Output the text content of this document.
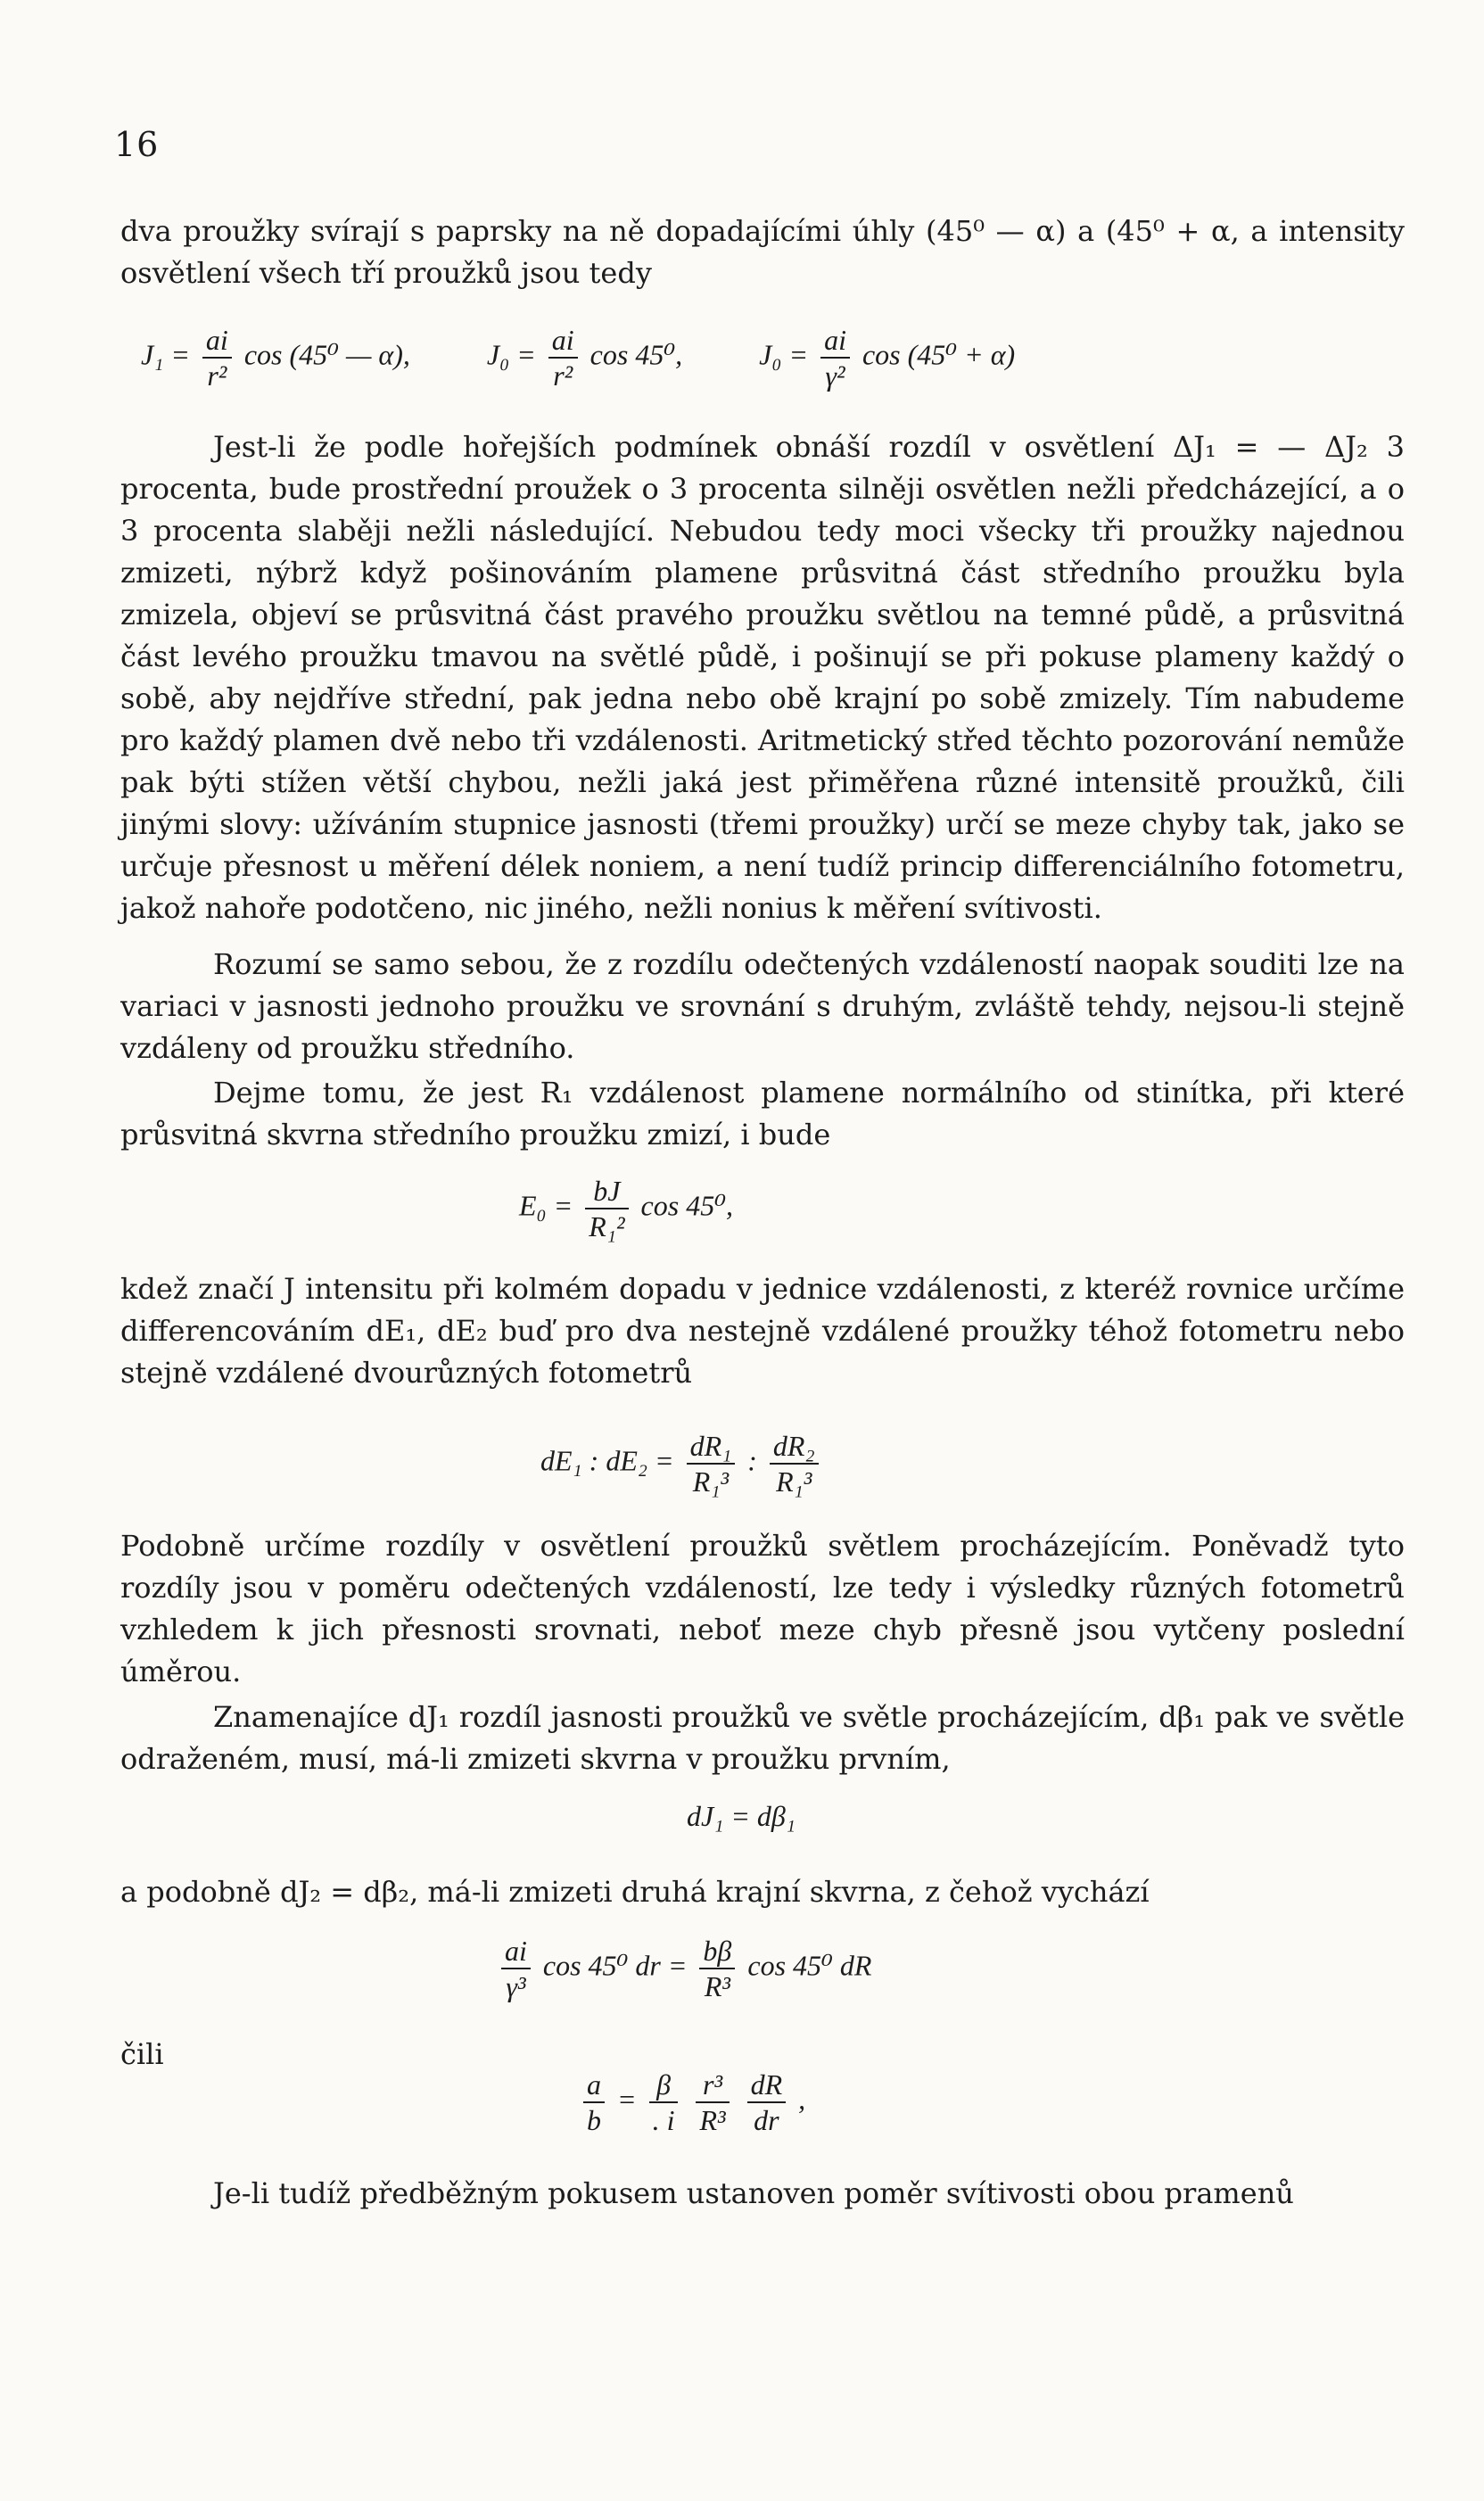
16
dva proužky svírají s paprsky na ně dopadajícími úhly (45⁰ — α) a (45⁰ + α, a intensity osvětlení všech tří proužků jsou tedy
$J_1 = \frac{ai}{\text{r²}}$ cos (45⁰ — α),	$J_0 = \frac{ai}{\text{r²}}$ cos 45⁰,	$J_0 = \frac{ai}{\text{γ²}}$ cos (45⁰ + α)
Jest-li že podle hořejších podmínek obnáší rozdíl v osvětlení ΔJ₁ = — ΔJ₂ 3 procenta, bude prostřední proužek o 3 procenta silněji osvětlen nežli předcházející, a o 3 procenta slaběji nežli následující. Nebudou tedy moci všecky tři proužky najednou zmizeti, nýbrž když pošinováním plamene průsvitná část středního proužku byla zmizela, objeví se průsvitná část pravého proužku světlou na temné půdě, a průsvitná část levého proužku tmavou na světlé půdě, i pošinují se při pokuse plameny každý o sobě, aby nejdříve střední, pak jedna nebo obě krajní po sobě zmizely. Tím nabudeme pro každý plamen dvě nebo tři vzdálenosti. Aritmetický střed těchto pozorování nemůže pak býti stížen větší chybou, nežli jaká jest přiměřena různé intensitě proužků, čili jinými slovy: užíváním stupnice jasnosti (třemi proužky) určí se meze chyby tak, jako se určuje přesnost u měření délek noniem, a není tudíž princip differenciálního fotometru, jakož nahoře podotčeno, nic jiného, nežli nonius k měření svítivosti.
Rozumí se samo sebou, že z rozdílu odečtených vzdáleností naopak souditi lze na variaci v jasnosti jednoho proužku ve srovnání s druhým, zvláště tehdy, nejsou-li stejně vzdáleny od proužku středního.
Dejme tomu, že jest R₁ vzdálenost plamene normálního od stinítka, při které průsvitná skvrna středního proužku zmizí, i bude
$E_0 = \frac{bJ}{\text{R₁²}}$ cos 45⁰,
kdež značí J intensitu při kolmém dopadu v jednice vzdálenosti, z kteréž rovnice určíme differencováním dE₁, dE₂ buď pro dva nestejně vzdálené proužky téhož fotometru nebo stejně vzdálené dvourůzných fotometrů
dE₁ : $dE_2 = \frac{\text{dR₁}}{\text{R₁³}}$ : $\frac{\text{dR₂}}{\text{R₁³}}$
Podobně určíme rozdíly v osvětlení proužků světlem procházejícím. Poněvadž tyto rozdíly jsou v poměru odečtených vzdáleností, lze tedy i výsledky různých fotometrů vzhledem k jich přesnosti srovnati, neboť meze chyb přesně jsou vytčeny poslední úměrou.
Znamenajíce dJ₁ rozdíl jasnosti proužků ve světle procházejícím, dβ₁ pak ve světle odraženém, musí, má-li zmizeti skvrna v proužku prvním,
dJ₁ = dβ₁
a podobně dJ₂ = dβ₂, má-li zmizeti druhá krajní skvrna, z čehož vychází
$\frac{ai}{\text{γ³}}$ cos 45⁰ dr = $\frac{b\beta}{\text{R³}}$ cos 45⁰ dR
čili
$\frac{a}{b} = \frac{\beta}{. i}$
$\frac{\text{r³}}{\text{R³}}$
$\frac{dR}{dr}$ ,
Je-li tudíž předběžným pokusem ustanoven poměr svítivosti obou pramenů
